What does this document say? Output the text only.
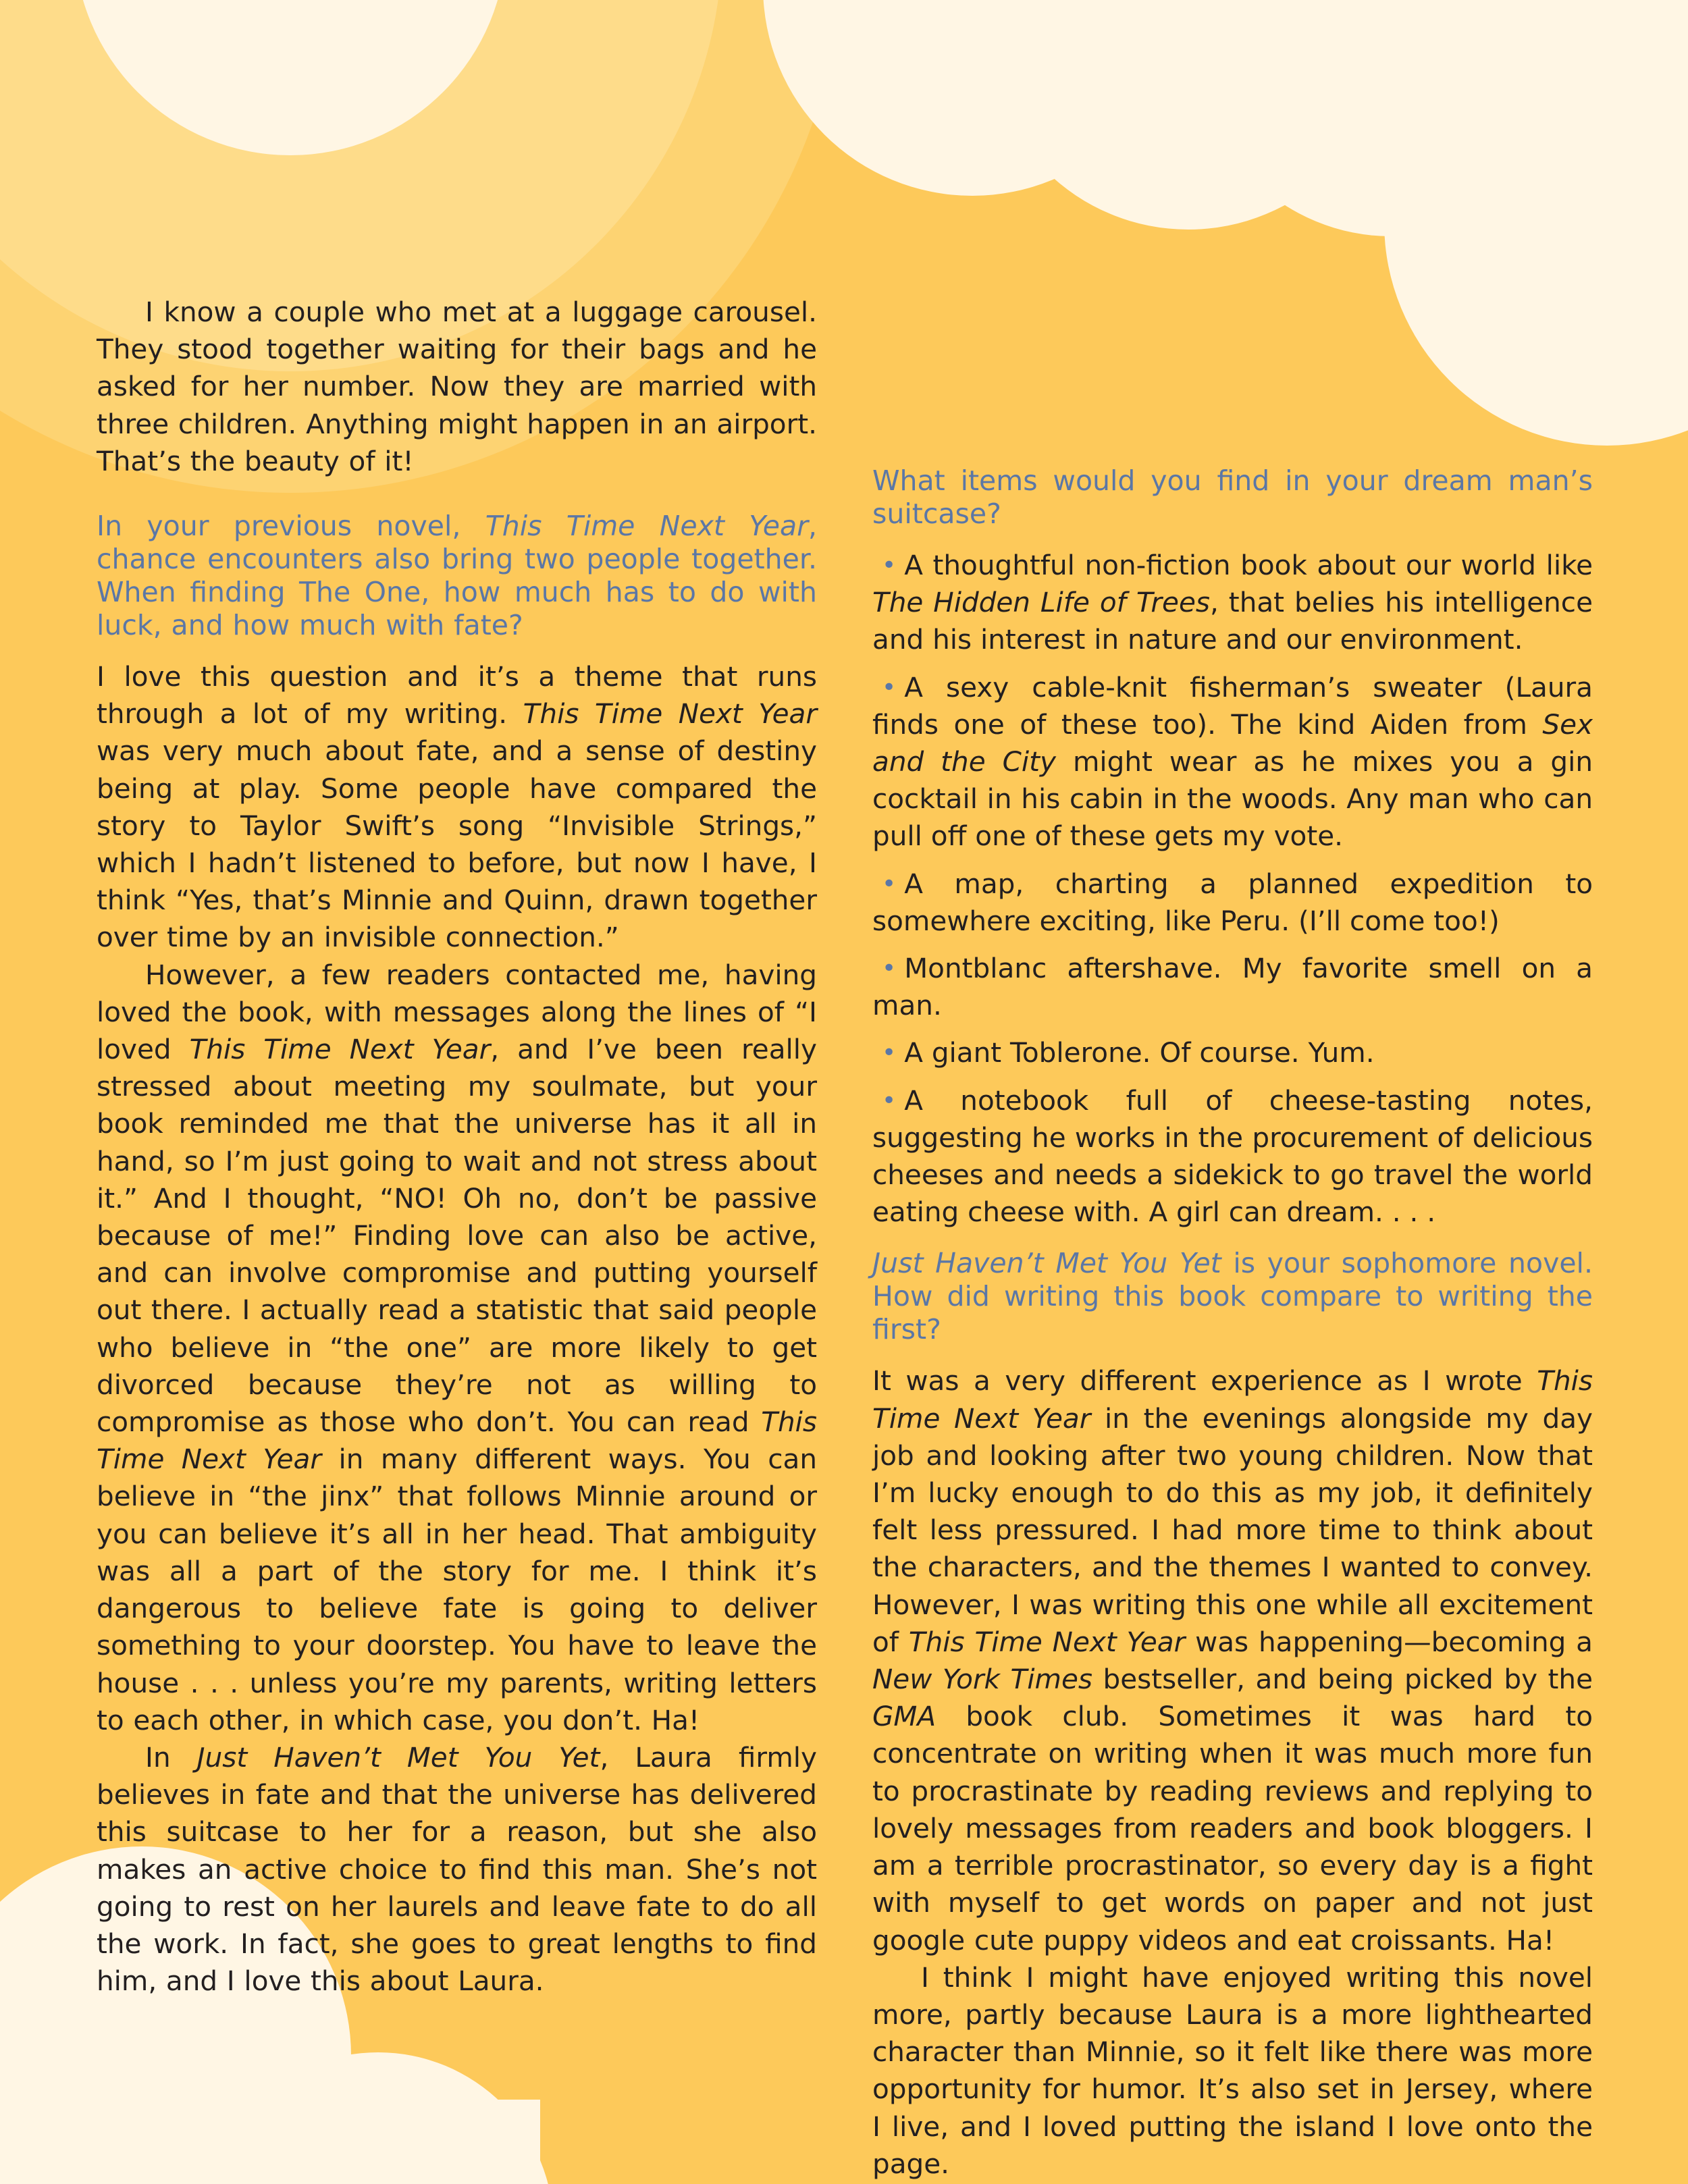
I know a couple who met at a luggage carousel. They stood together waiting for their bags and he asked for her number. Now they are married with three children. Anything might happen in an airport. That’s the beauty of it!

In your previous novel, This Time Next Year, chance encounters also bring two people together. When finding The One, how much has to do with luck, and how much with fate?

I love this question and it’s a theme that runs through a lot of my writing. This Time Next Year was very much about fate, and a sense of destiny being at play. Some people have compared the story to Taylor Swift’s song “Invisible Strings,” which I hadn’t listened to before, but now I have, I think “Yes, that’s Minnie and Quinn, drawn together over time by an invisible connection.”

However, a few readers contacted me, having loved the book, with messages along the lines of “I loved This Time Next Year, and I’ve been really stressed about meeting my soulmate, but your book reminded me that the universe has it all in hand, so I’m just going to wait and not stress about it.” And I thought, “NO! Oh no, don’t be passive because of me!” Finding love can also be active, and can involve compromise and putting yourself out there. I actually read a statistic that said people who believe in “the one” are more likely to get divorced because they’re not as willing to compromise as those who don’t. You can read This Time Next Year in many different ways. You can believe in “the jinx” that follows Minnie around or you can believe it’s all in her head. That ambiguity was all a part of the story for me. I think it’s dangerous to believe fate is going to deliver something to your doorstep. You have to leave the house . . . unless you’re my parents, writing letters to each other, in which case, you don’t. Ha!

In Just Haven’t Met You Yet, Laura firmly believes in fate and that the universe has delivered this suitcase to her for a reason, but she also makes an active choice to find this man. She’s not going to rest on her laurels and leave fate to do all the work. In fact, she goes to great lengths to find him, and I love this about Laura.

What items would you find in your dream man’s suitcase?

• A thoughtful non-fiction book about our world like The Hidden Life of Trees, that belies his intelligence and his interest in nature and our environment.
• A sexy cable-knit fisherman’s sweater (Laura finds one of these too). The kind Aiden from Sex and the City might wear as he mixes you a gin cocktail in his cabin in the woods. Any man who can pull off one of these gets my vote.
• A map, charting a planned expedition to somewhere exciting, like Peru. (I’ll come too!)
• Montblanc aftershave. My favorite smell on a man.
• A giant Toblerone. Of course. Yum.
• A notebook full of cheese-tasting notes, suggesting he works in the procurement of delicious cheeses and needs a sidekick to go travel the world eating cheese with. A girl can dream. . . .

Just Haven’t Met You Yet is your sophomore novel. How did writing this book compare to writing the first?

It was a very different experience as I wrote This Time Next Year in the evenings alongside my day job and looking after two young children. Now that I’m lucky enough to do this as my job, it definitely felt less pressured. I had more time to think about the characters, and the themes I wanted to convey. However, I was writing this one while all excitement of This Time Next Year was happening—becoming a New York Times bestseller, and being picked by the GMA book club. Sometimes it was hard to concentrate on writing when it was much more fun to procrastinate by reading reviews and replying to lovely messages from readers and book bloggers. I am a terrible procrastinator, so every day is a fight with myself to get words on paper and not just google cute puppy videos and eat croissants. Ha!

I think I might have enjoyed writing this novel more, partly because Laura is a more lighthearted character than Minnie, so it felt like there was more opportunity for humor. It’s also set in Jersey, where I live, and I loved putting the island I love onto the page.
